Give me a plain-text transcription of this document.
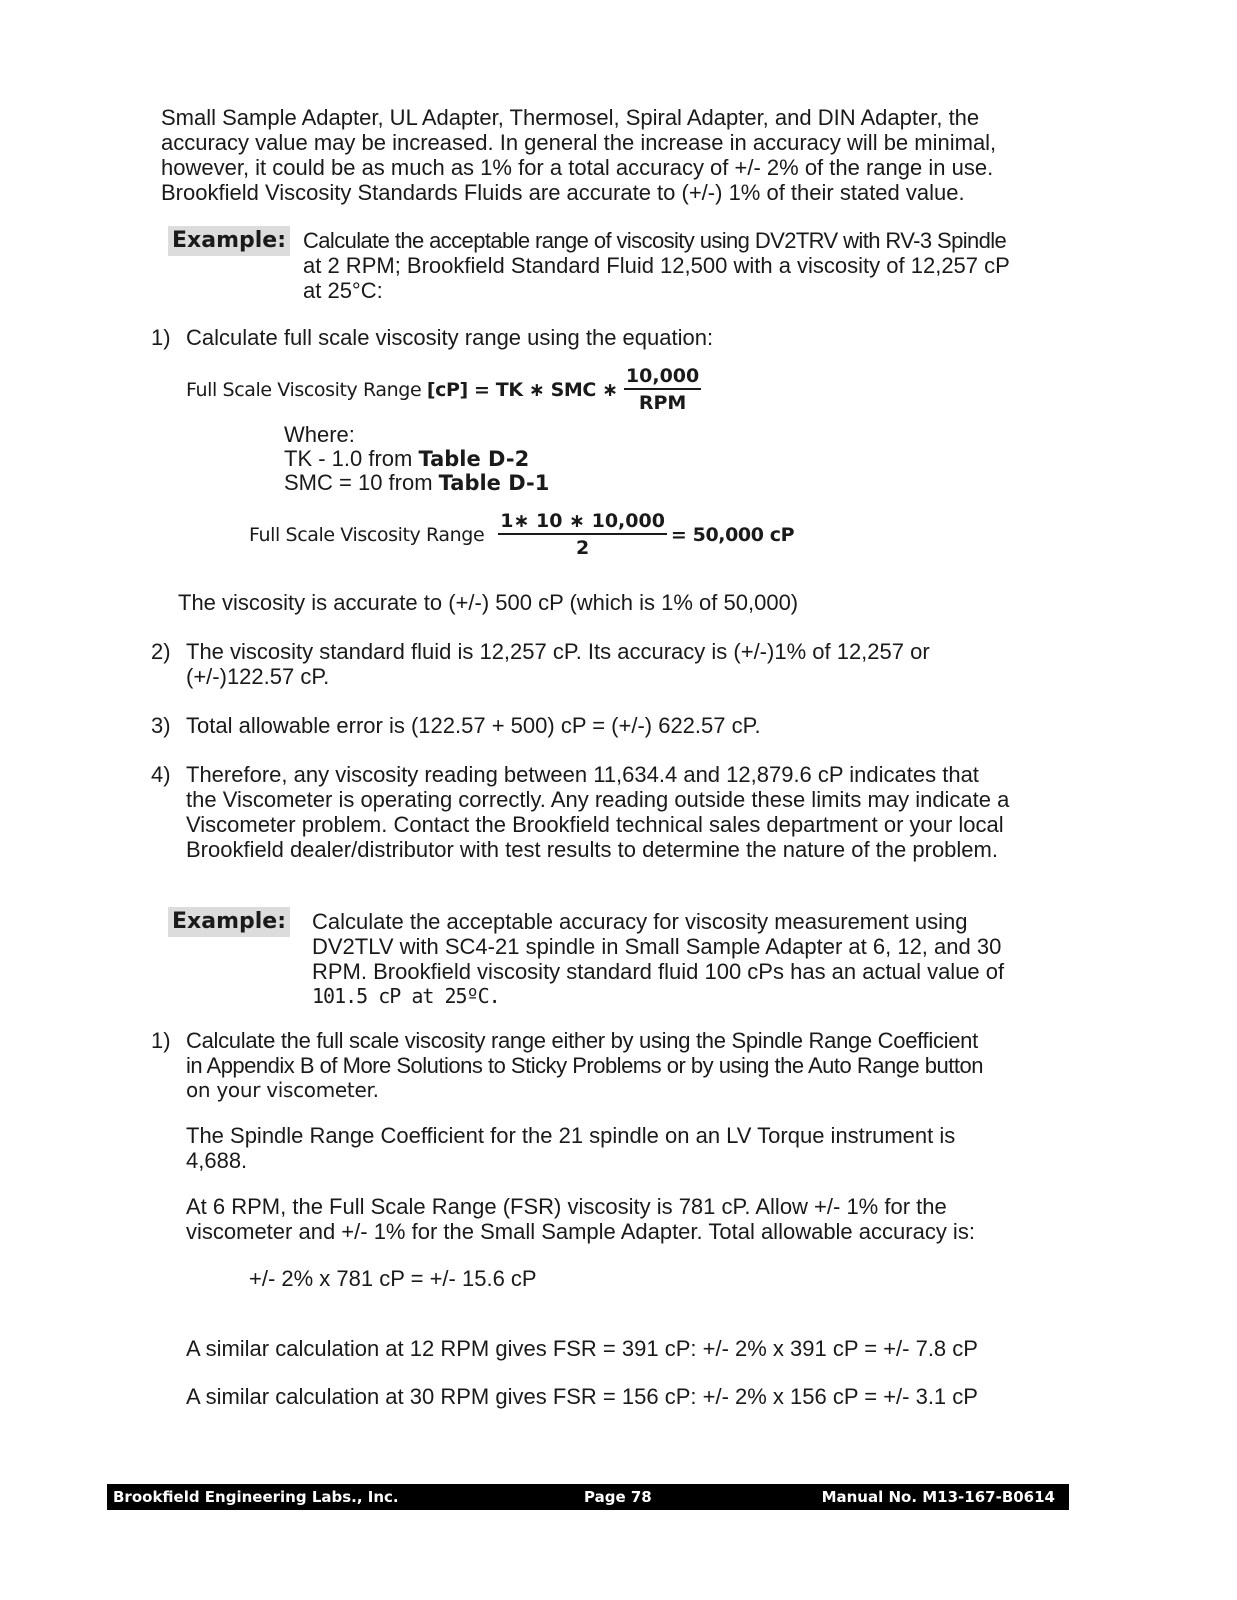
Small Sample Adapter, UL Adapter, Thermosel, Spiral Adapter, and DIN Adapter, the
accuracy value may be increased. In general the increase in accuracy will be minimal,
however, it could be as much as 1% for a total accuracy of +/- 2% of the range in use.
Brookfield Viscosity Standards Fluids are accurate to (+/-) 1% of their stated value.
Example: Calculate the acceptable range of viscosity using DV2TRV with RV-3 Spindle
at 2 RPM; Brookfield Standard Fluid 12,500 with a viscosity of 12,257 cP
at 25°C:
1) Calculate full scale viscosity range using the equation:
Full Scale Viscosity Range [cP] = TK ∗ SMC ∗ $\frac{10,000}{\text{RPM}}$
Where:
TK - 1.0 from Table D-2
SMC = 10 from Table D-1
Full Scale Viscosity Range $\frac{1∗ 10 ∗ 10,000}{2} = 50,000$ cP
The viscosity is accurate to (+/-) 500 cP (which is 1% of 50,000)
2) The viscosity standard fluid is 12,257 cP. Its accuracy is (+/-)1% of 12,257 or
(+/-)122.57 cP.
3) Total allowable error is (122.57 + 500) cP = (+/-) 622.57 cP.
4) Therefore, any viscosity reading between 11,634.4 and 12,879.6 cP indicates that
the Viscometer is operating correctly. Any reading outside these limits may indicate a
Viscometer problem. Contact the Brookfield technical sales department or your local
Brookfield dealer/distributor with test results to determine the nature of the problem.
Example: Calculate the acceptable accuracy for viscosity measurement using
DV2TLV with SC4-21 spindle in Small Sample Adapter at 6, 12, and 30
RPM. Brookfield viscosity standard fluid 100 cPs has an actual value of
101.5 cP at 25ºC.
1) Calculate the full scale viscosity range either by using the Spindle Range Coefficient
in Appendix B of More Solutions to Sticky Problems or by using the Auto Range button
on your viscometer.
The Spindle Range Coefficient for the 21 spindle on an LV Torque instrument is
4,688.
At 6 RPM, the Full Scale Range (FSR) viscosity is 781 cP. Allow +/- 1% for the
viscometer and +/- 1% for the Small Sample Adapter. Total allowable accuracy is:
+/- 2% x 781 cP = +/- 15.6 cP
A similar calculation at 12 RPM gives FSR = 391 cP: +/- 2% x 391 cP = +/- 7.8 cP
A similar calculation at 30 RPM gives FSR = 156 cP: +/- 2% x 156 cP = +/- 3.1 cP
Brookfield Engineering Labs., Inc.	Page 78	Manual No. M13-167-B0614
